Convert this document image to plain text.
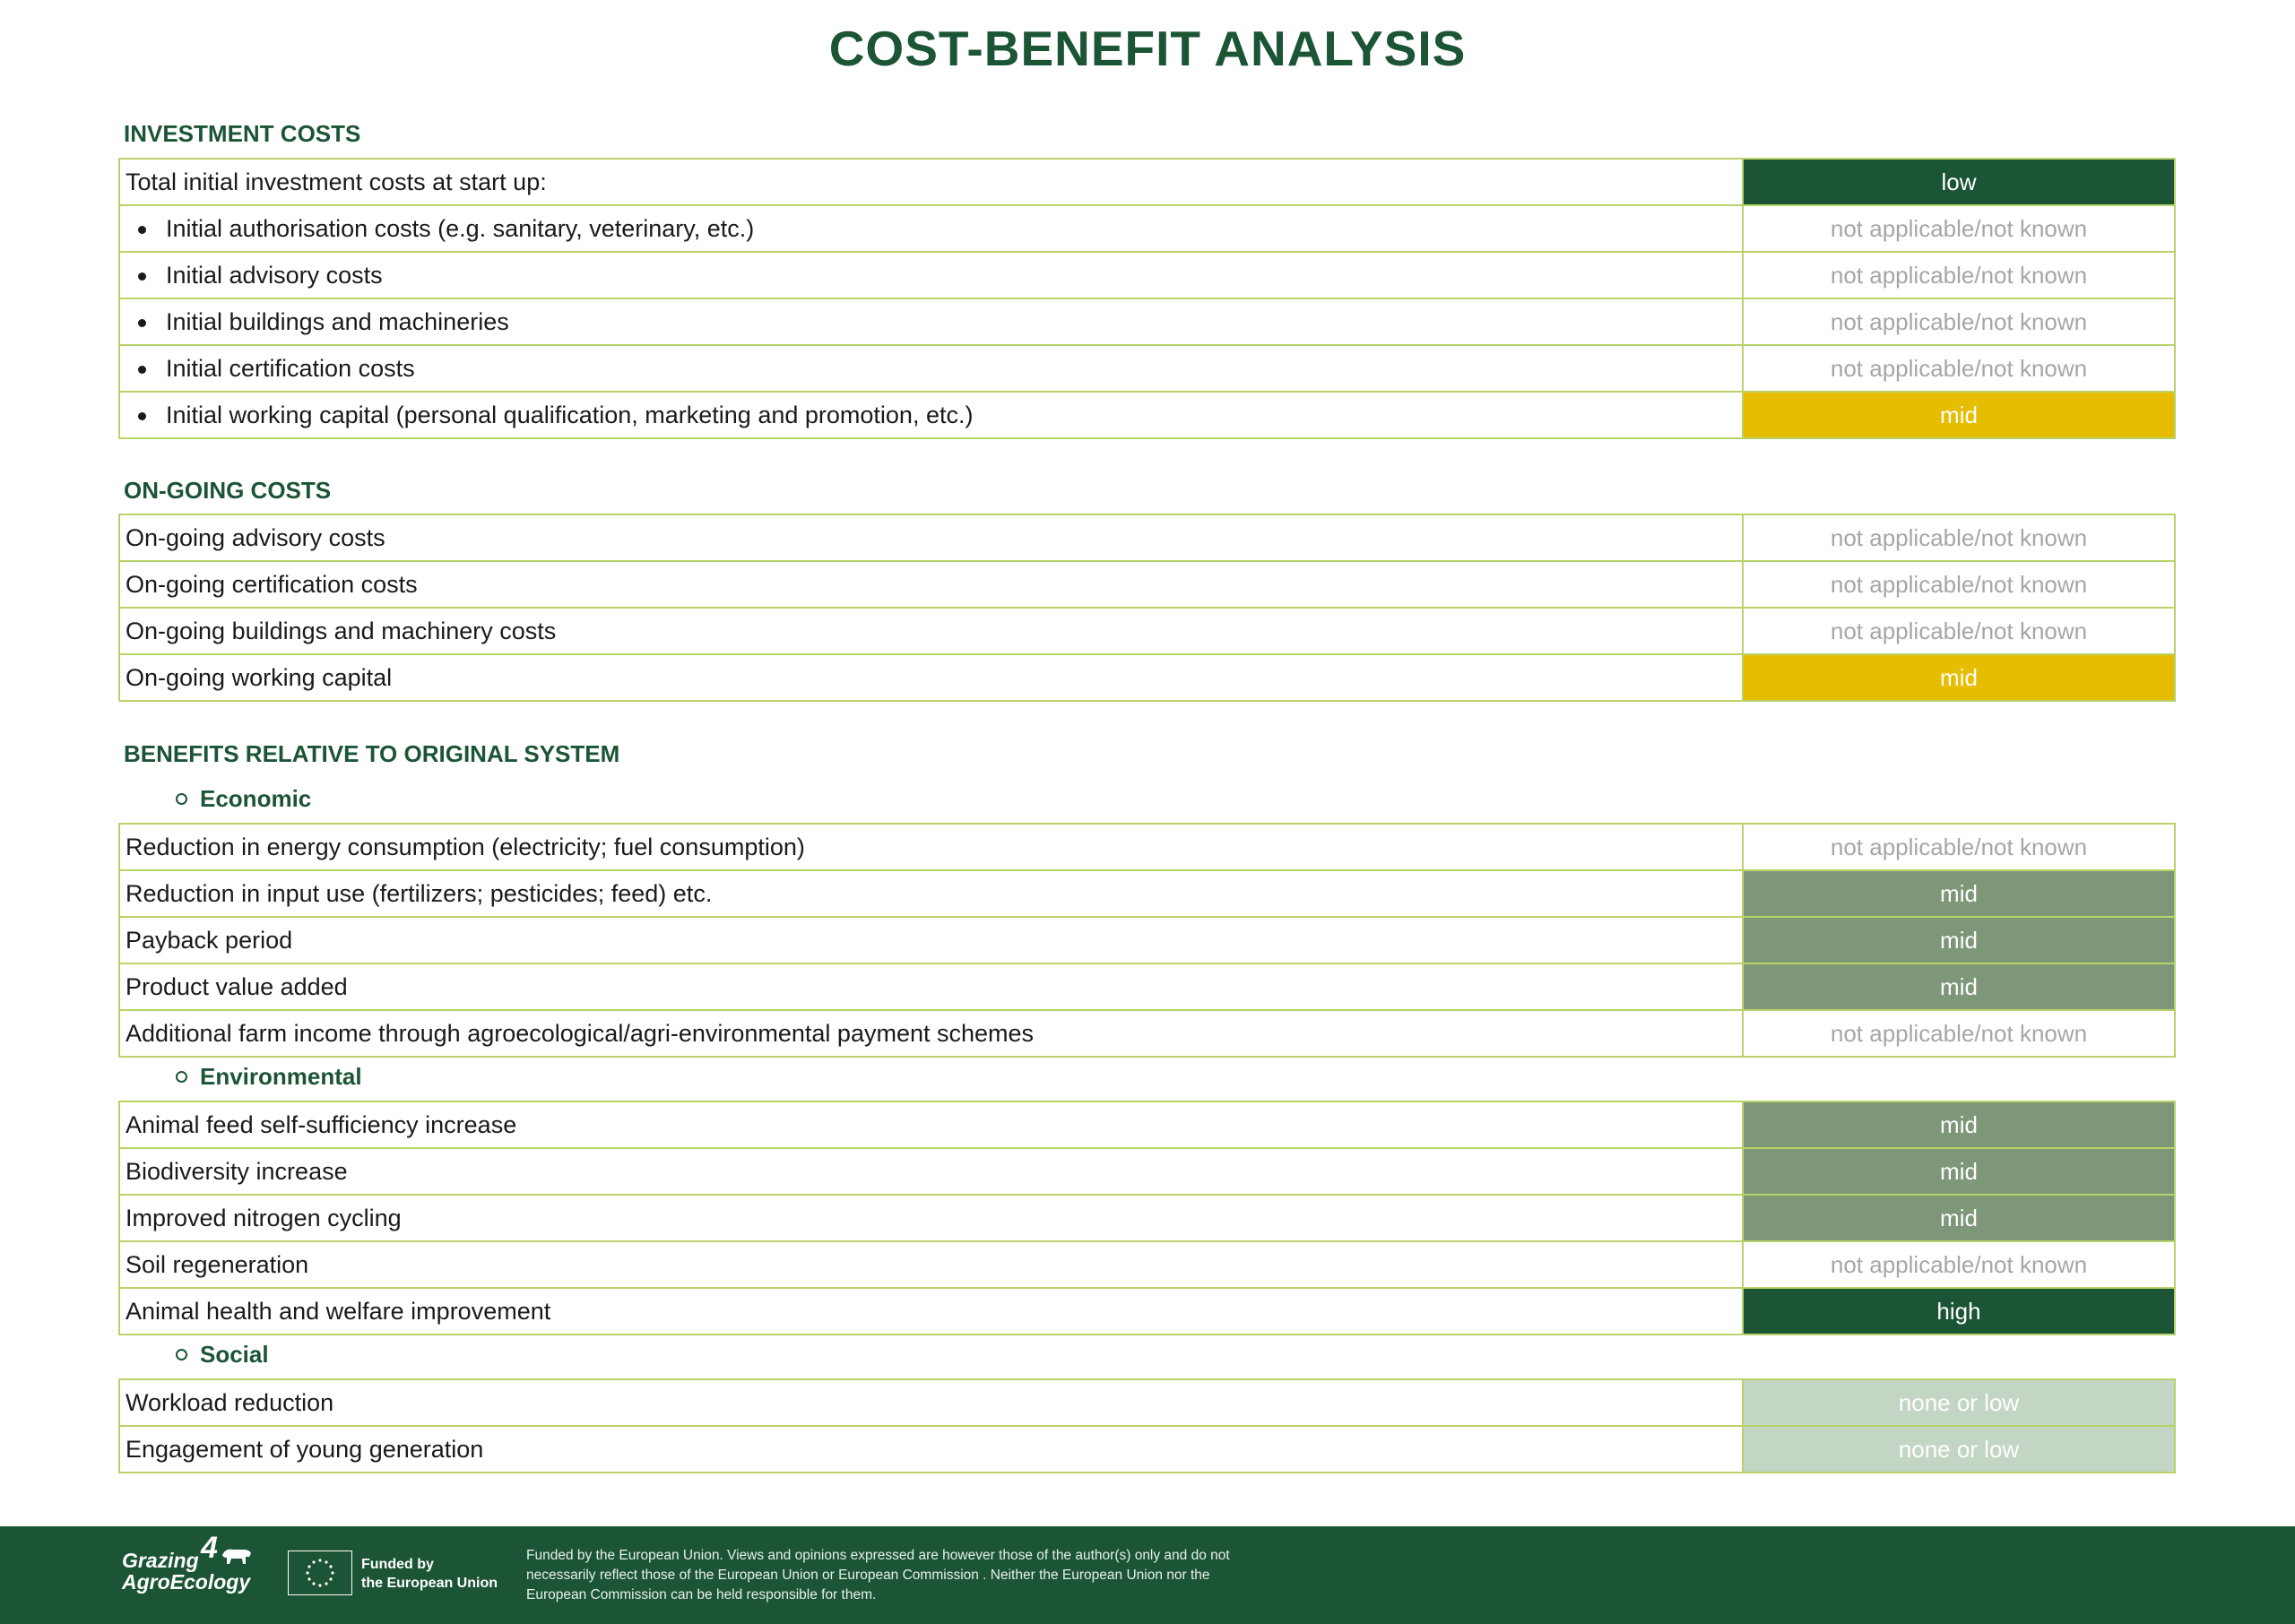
COST-BENEFIT ANALYSIS
INVESTMENT COSTS
Total initial investment costs at start up:	low
Initial authorisation costs (e.g. sanitary, veterinary, etc.)	not applicable/not known
Initial advisory costs	not applicable/not known
Initial buildings and machineries	not applicable/not known
Initial certification costs	not applicable/not known
Initial working capital (personal qualification, marketing and promotion, etc.)	mid
ON-GOING COSTS
On-going advisory costs	not applicable/not known
On-going certification costs	not applicable/not known
On-going buildings and machinery costs	not applicable/not known
On-going working capital	mid
BENEFITS RELATIVE TO ORIGINAL SYSTEM
Economic
Reduction in energy consumption (electricity; fuel consumption)	not applicable/not known
Reduction in input use (fertilizers; pesticides; feed) etc.	mid
Payback period	mid
Product value added	mid
Additional farm income through agroecological/agri-environmental payment schemes	not applicable/not known
Environmental
Animal feed self-sufficiency increase	mid
Biodiversity increase	mid
Improved nitrogen cycling	mid
Soil regeneration	not applicable/not known
Animal health and welfare improvement	high
Social
Workload reduction	none or low
Engagement of young generation	none or low
Grazing
AgroEcology
4	Funded by
the European Union
Funded by the European Union. Views and opinions expressed are however those of the author(s) only and do not necessarily reflect those of the European Union or European Commission . Neither the European Union nor the European Commission can be held responsible for them.
